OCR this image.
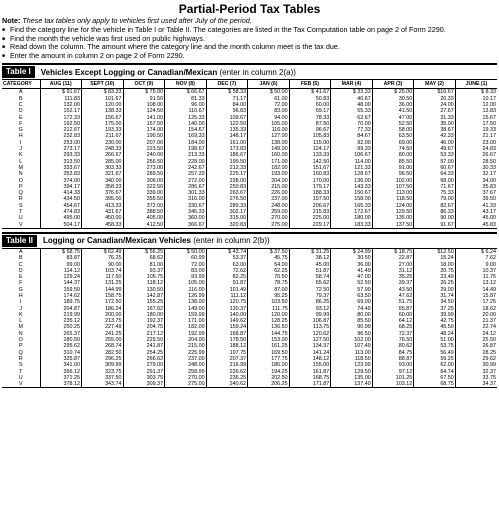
Partial-Period Tax Tables
Note: These tax tables only apply to vehicles first used after July of the period.
■ Find the category line for the vehicle in Table I or Table II. The categories are listed in the Tax Computation table on page 2 of Form 2290.
■ Find the month the vehicle was first used on public highways.
■ Read down the column. The amount where the category line and the month column meet is the tax due.
■ Enter the amount in column 2 on page 2 of Form 2290.
Table I	Vehicles Except Logging or Canadian/Mexican (enter in column 2(a))
CATEGORY	AUG (11)	SEPT (10)	OCT (9)	NOV (8)	DEC (7)	JAN (6)	FEB (5)	MAR (4)	APR (3)	MAY (2)	JUNE (1)
A	$ 91.67	$ 83.33	$ 75.00	$ 66.67	$ 58.33	$ 50.00	$ 41.67	$ 33.33	$ 25.00	$16.67	$ 8.33
B	111.83	101.67	91.50	81.33	71.17	61.00	50.83	40.67	30.50	20.33	10.17
C	132.00	120.00	108.00	96.00	84.00	72.00	60.00	48.00	36.00	24.00	12.00
D	152.17	138.33	124.50	110.67	96.83	83.00	69.17	55.33	41.50	27.67	13.83
E	172.33	156.67	141.00	125.33	109.67	94.00	78.33	62.67	47.00	31.33	15.67
F	192.50	175.00	157.50	140.00	122.50	105.00	87.50	70.00	52.50	35.00	17.50
G	212.67	193.33	174.00	154.67	135.33	116.00	96.67	77.33	58.00	38.67	19.33
H	232.83	211.67	190.50	169.33	148.17	127.00	105.83	84.67	63.50	42.33	21.17
I	253.00	230.00	207.00	184.00	161.00	138.00	115.00	92.00	69.00	46.00	23.00
J	273.17	248.33	223.50	198.67	173.83	149.00	124.17	99.33	74.50	49.67	24.83
K	293.33	266.67	240.00	213.33	186.67	160.00	133.33	106.67	80.00	53.33	26.67
L	313.50	285.00	256.50	228.00	199.50	171.00	142.50	114.00	85.50	57.00	28.50
M	333.67	303.33	273.00	242.67	212.33	182.00	151.67	121.33	91.00	60.67	30.33
N	353.83	321.67	289.50	257.33	225.17	193.00	160.83	128.67	96.50	64.33	32.17
O	374.00	340.00	306.00	272.00	238.00	204.00	170.00	136.00	102.00	68.00	34.00
P	394.17	358.33	322.50	286.67	250.83	215.00	179.17	143.33	107.50	71.67	35.83
Q	414.33	376.67	339.00	301.33	263.67	226.00	188.33	150.67	113.00	75.33	37.67
R	434.50	395.00	355.50	316.00	276.50	237.00	197.50	158.00	118.50	79.00	39.50
S	454.67	413.33	372.00	330.67	289.33	248.00	206.67	165.33	124.00	82.67	41.33
T	474.83	431.67	388.50	345.33	302.17	259.00	215.83	172.67	129.50	86.33	43.17
U	495.00	450.00	405.00	360.00	315.00	270.00	225.00	180.00	135.00	90.00	45.00
V	504.17	458.33	412.50	366.67	320.83	275.00	229.17	183.33	137.50	91.67	45.83
Table II	Logging or Canadian/Mexican Vehicles (enter in column 2(b))
A	$ 68.75	$ 62.49	$ 56.25	$ 50.00	$ 43.74	$ 37.50	$ 31.25	$ 24.99	$ 18.75	$12.50	$ 6.24
B	83.87	76.25	68.62	60.99	53.37	45.75	38.12	30.50	22.87	15.24	7.62
C	99.00	90.00	81.00	72.00	63.00	54.00	45.00	36.00	27.00	18.00	9.00
D	114.12	103.74	93.37	83.00	72.62	62.25	51.87	41.49	31.12	20.75	10.37
E	129.24	117.50	105.75	93.99	82.25	70.50	58.74	47.00	35.25	23.49	11.75
F	144.37	131.25	118.12	105.00	91.87	78.75	65.62	52.50	39.37	26.25	13.12
G	159.50	144.99	130.50	116.00	101.49	87.00	72.50	57.99	43.50	29.00	14.49
H	174.62	158.75	142.87	126.99	111.12	95.25	79.37	63.50	47.62	31.74	15.87
I	189.75	172.50	155.25	138.00	120.75	103.50	86.25	69.00	51.75	34.50	17.25
J	204.87	186.24	167.62	149.00	130.37	111.75	93.12	74.49	55.87	37.25	18.62
K	219.99	200.00	180.00	159.99	140.00	120.00	99.99	80.00	60.00	39.99	20.00
L	235.12	213.75	192.37	171.00	149.62	128.25	106.87	85.50	64.12	42.75	21.37
M	250.25	227.49	204.75	182.00	159.24	136.50	113.75	90.99	68.25	45.50	22.74
N	265.37	241.25	217.12	192.99	168.87	144.75	120.62	96.50	72.37	48.24	24.12
O	280.50	255.00	229.50	204.00	178.50	153.00	127.50	102.00	76.50	51.00	25.50
P	295.62	268.74	241.87	215.00	188.12	161.25	134.37	107.49	80.62	53.75	26.87
Q	310.74	282.50	254.25	225.99	197.75	169.50	141.24	113.00	84.75	56.49	28.25
R	325.87	296.25	266.62	237.00	207.37	177.75	148.12	118.50	88.87	59.25	29.62
S	341.00	309.99	279.00	248.00	216.99	186.00	155.00	123.99	93.00	62.00	30.99
T	356.12	323.75	291.37	258.99	226.62	194.25	161.87	129.50	97.12	64.74	32.37
U	371.25	337.50	303.75	270.00	236.25	202.50	168.75	135.00	101.25	67.50	33.75
V	378.12	343.74	309.37	275.00	240.62	206.25	171.87	137.49	103.12	68.75	34.37
